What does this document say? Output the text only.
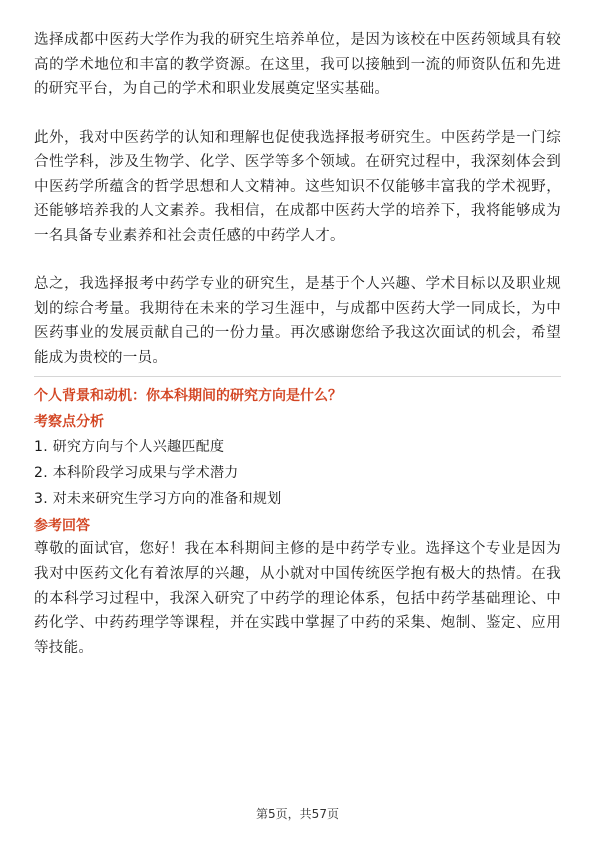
选择成都中医药大学作为我的研究生培养单位，是因为该校在中医药领域具有较高的学术地位和丰富的教学资源。在这里，我可以接触到一流的师资队伍和先进的研究平台，为自己的学术和职业发展奠定坚实基础。

此外，我对中医药学的认知和理解也促使我选择报考研究生。中医药学是一门综合性学科，涉及生物学、化学、医学等多个领域。在研究过程中，我深刻体会到中医药学所蕴含的哲学思想和人文精神。这些知识不仅能够丰富我的学术视野，还能够培养我的人文素养。我相信，在成都中医药大学的培养下，我将能够成为一名具备专业素养和社会责任感的中药学人才。

总之，我选择报考中药学专业的研究生，是基于个人兴趣、学术目标以及职业规划的综合考量。我期待在未来的学习生涯中，与成都中医药大学一同成长，为中医药事业的发展贡献自己的一份力量。再次感谢您给予我这次面试的机会，希望能成为贵校的一员。

个人背景和动机：你本科期间的研究方向是什么？

考察点分析

1. 研究方向与个人兴趣匹配度

2. 本科阶段学习成果与学术潜力

3. 对未来研究生学习方向的准备和规划

参考回答

尊敬的面试官，您好！我在本科期间主修的是中药学专业。选择这个专业是因为我对中医药文化有着浓厚的兴趣，从小就对中国传统医学抱有极大的热情。在我的本科学习过程中，我深入研究了中药学的理论体系，包括中药学基础理论、中药化学、中药药理学等课程，并在实践中掌握了中药的采集、炮制、鉴定、应用等技能。

第5页，共57页
